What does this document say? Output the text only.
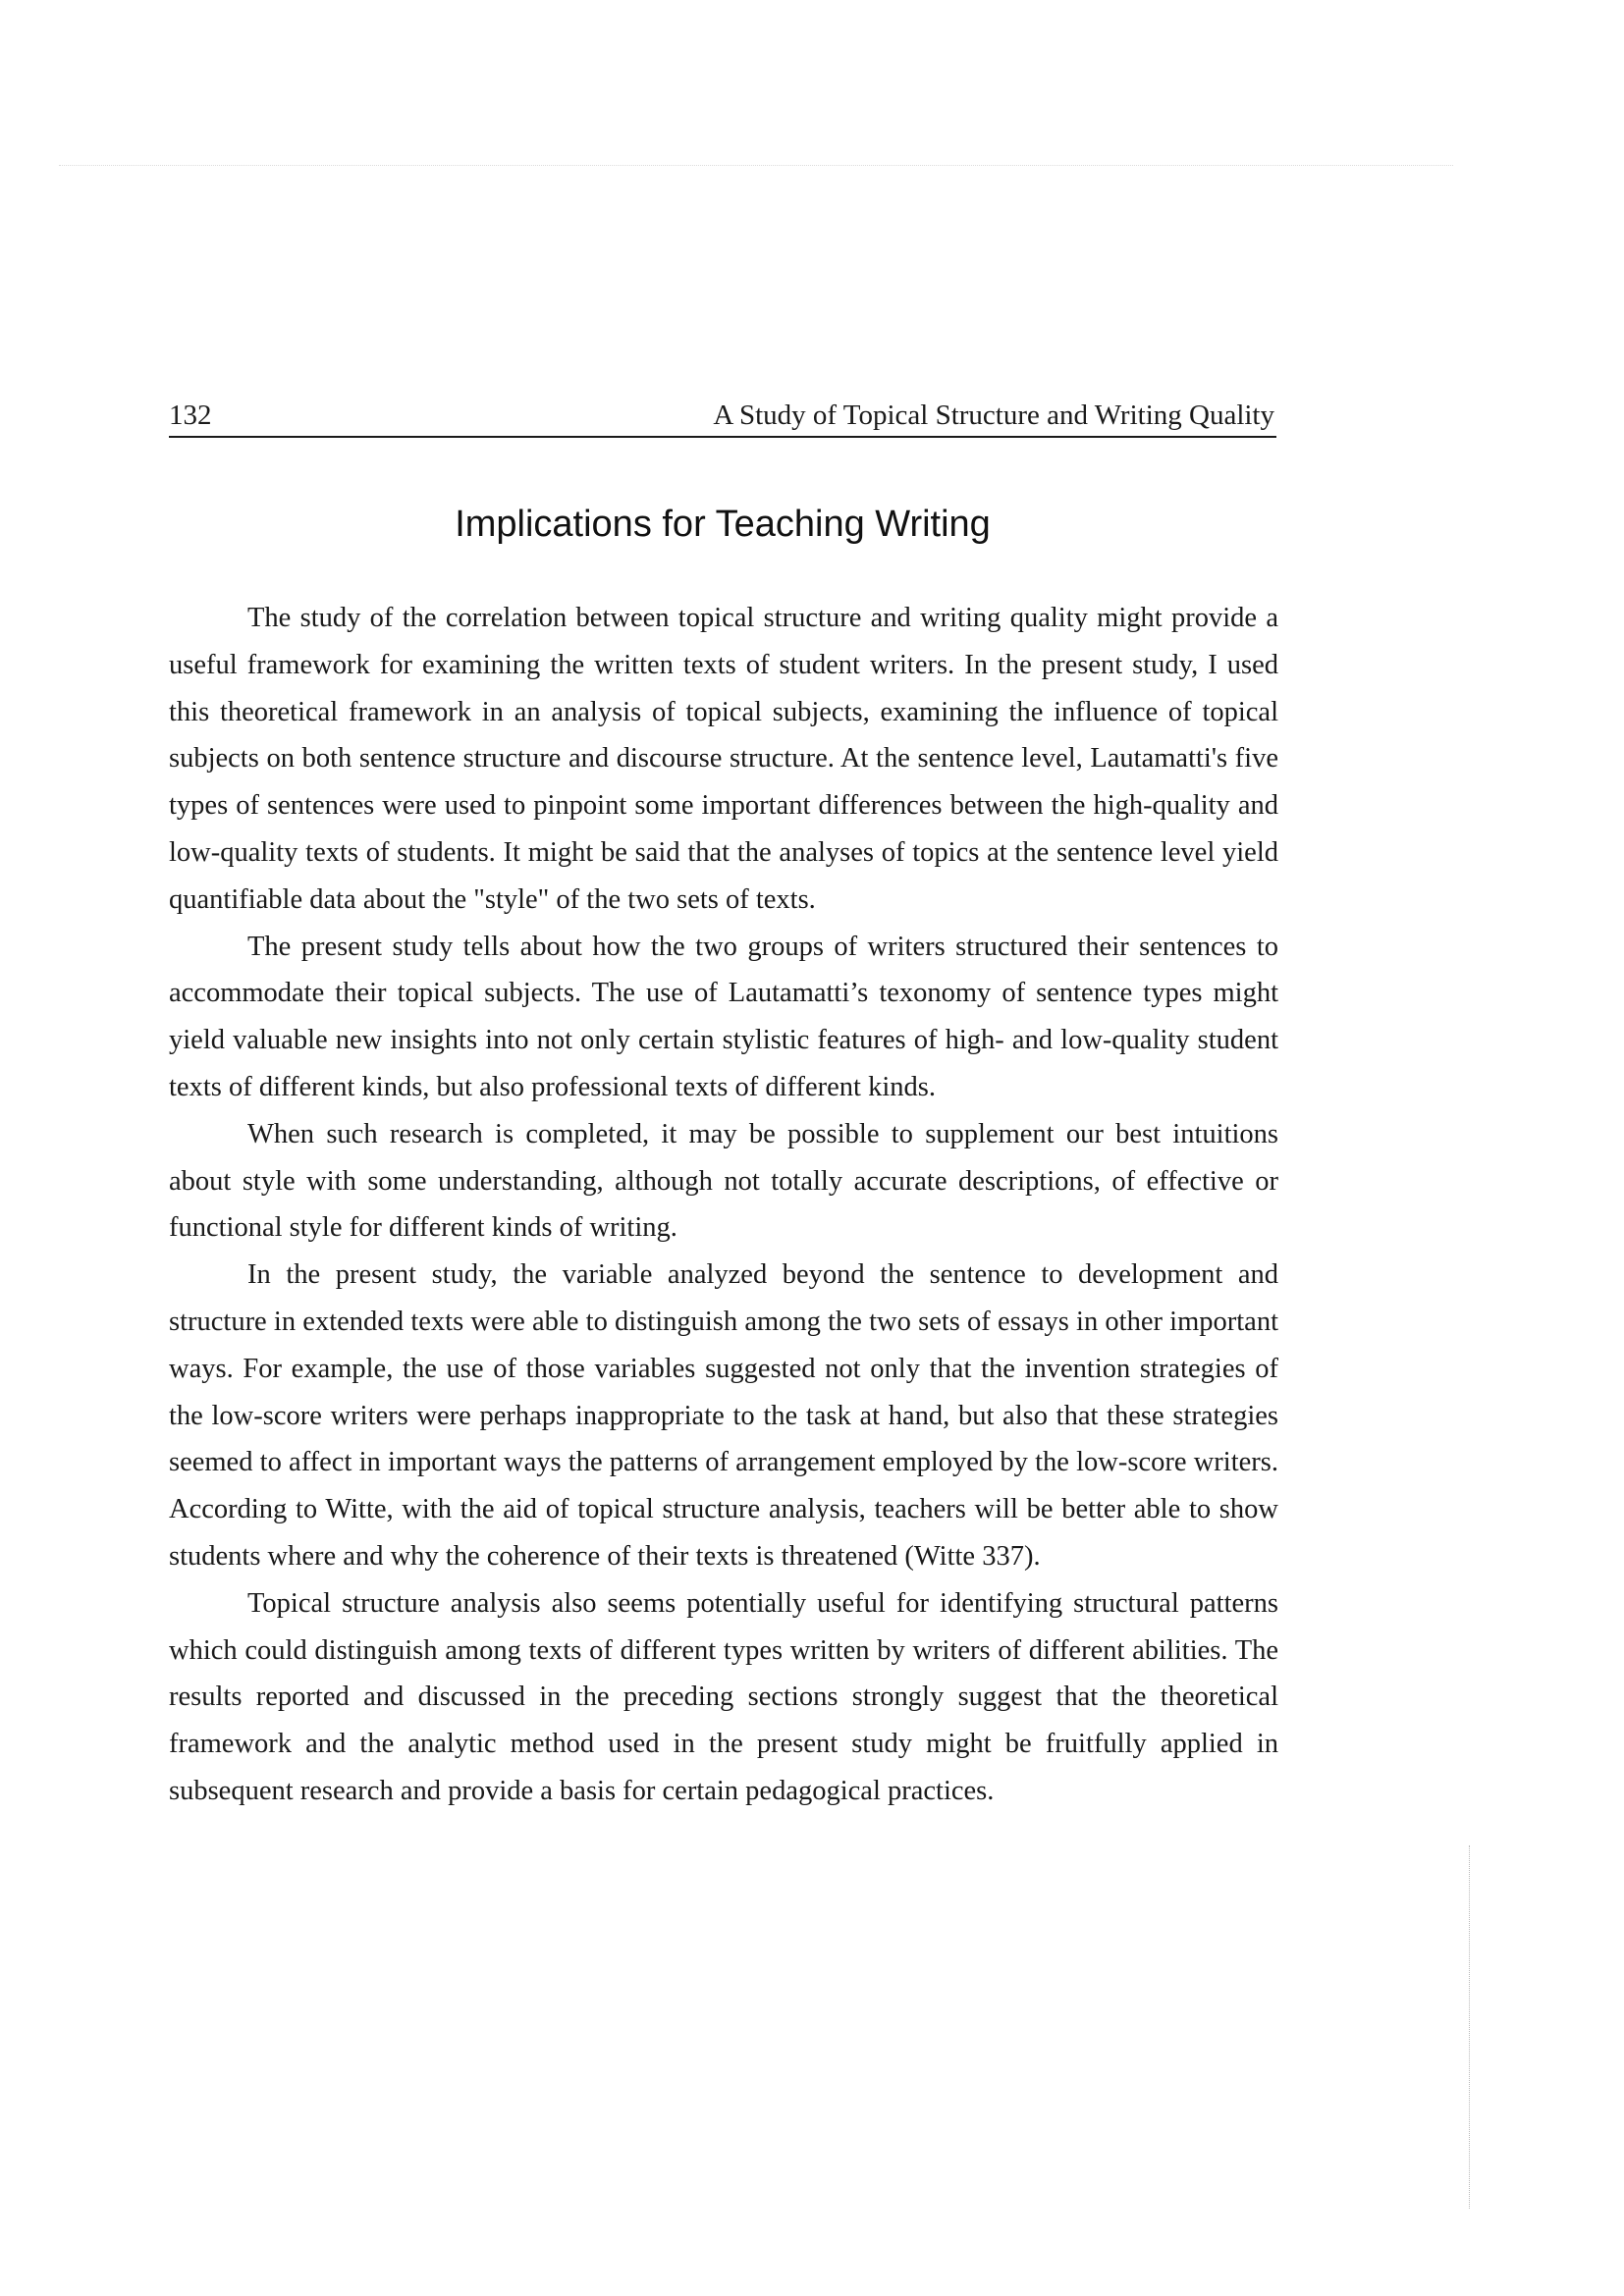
132	A Study of Topical Structure and Writing Quality
Implications for Teaching Writing

The study of the correlation between topical structure and writing quality might provide a useful framework for examining the written texts of student writers. In the present study, I used this theoretical framework in an analysis of topical subjects, examining the influence of topical subjects on both sentence structure and discourse structure. At the sentence level, Lautamatti's five types of sentences were used to pinpoint some important differences between the high-quality and low-quality texts of students. It might be said that the analyses of topics at the sentence level yield quantifiable data about the "style" of the two sets of texts.

The present study tells about how the two groups of writers structured their sentences to accommodate their topical subjects. The use of Lautamatti’s texonomy of sentence types might yield valuable new insights into not only certain stylistic features of high- and low-quality student texts of different kinds, but also professional texts of different kinds.

When such research is completed, it may be possible to supplement our best intuitions about style with some understanding, although not totally accurate descriptions, of effective or functional style for different kinds of writing.

In the present study, the variable analyzed beyond the sentence to development and structure in extended texts were able to distinguish among the two sets of essays in other important ways. For example, the use of those variables suggested not only that the invention strategies of the low-score writers were perhaps inappropriate to the task at hand, but also that these strategies seemed to affect in important ways the patterns of arrangement employed by the low-score writers. According to Witte, with the aid of topical structure analysis, teachers will be better able to show students where and why the coherence of their texts is threatened (Witte 337).

Topical structure analysis also seems potentially useful for identifying structural patterns which could distinguish among texts of different types written by writers of different abilities. The results reported and discussed in the preceding sections strongly suggest that the theoretical framework and the analytic method used in the present study might be fruitfully applied in subsequent research and provide a basis for certain pedagogical practices.
